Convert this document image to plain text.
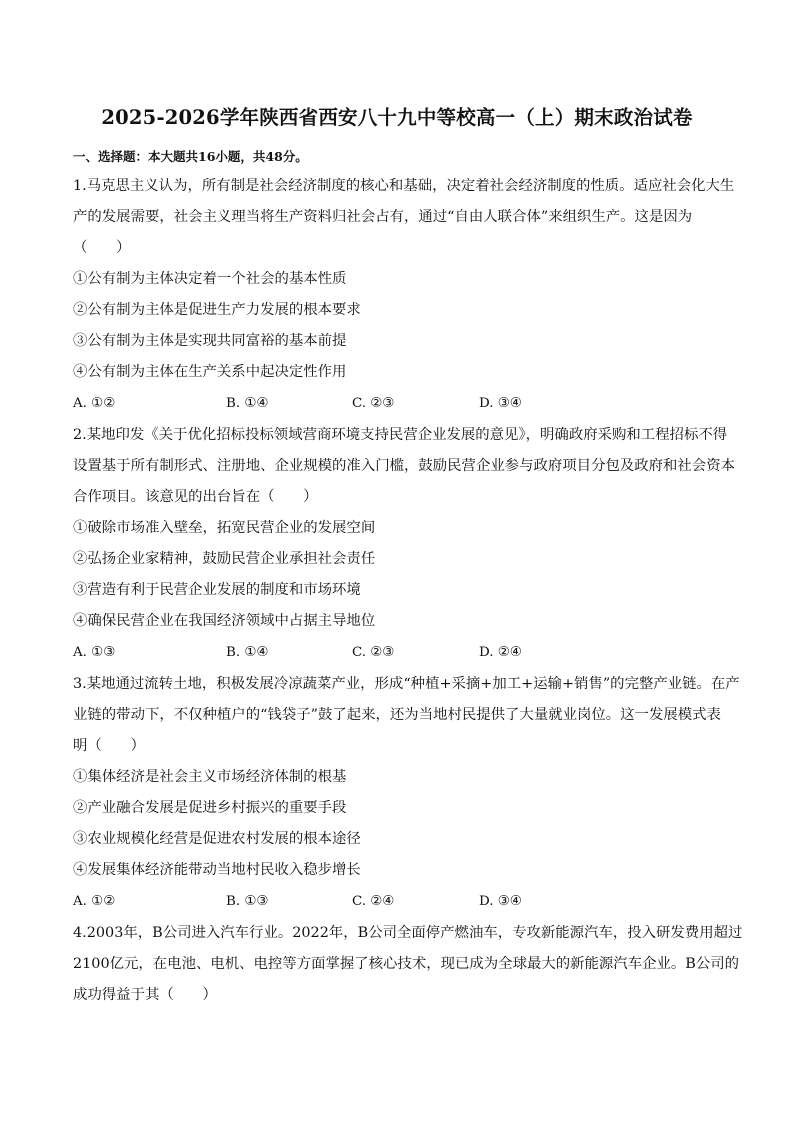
2025-2026学年陕西省西安八十九中等校高一（上）期末政治试卷
一、选择题：本大题共16小题，共48分。
1.马克思主义认为，所有制是社会经济制度的核心和基础，决定着社会经济制度的性质。适应社会化大生
产的发展需要，社会主义理当将生产资料归社会占有，通过“自由人联合体”来组织生产。这是因为
（　　）
①公有制为主体决定着一个社会的基本性质
②公有制为主体是促进生产力发展的根本要求
③公有制为主体是实现共同富裕的基本前提
④公有制为主体在生产关系中起决定性作用
A. ①②	B. ①④	C. ②③	D. ③④
2.某地印发《关于优化招标投标领域营商环境支持民营企业发展的意见》，明确政府采购和工程招标不得
设置基于所有制形式、注册地、企业规模的准入门槛，鼓励民营企业参与政府项目分包及政府和社会资本
合作项目。该意见的出台旨在（　　）
①破除市场准入壁垒，拓宽民营企业的发展空间
②弘扬企业家精神，鼓励民营企业承担社会责任
③营造有利于民营企业发展的制度和市场环境
④确保民营企业在我国经济领域中占据主导地位
A. ①③	B. ①④	C. ②③	D. ②④
3.某地通过流转土地，积极发展冷凉蔬菜产业，形成“种植+采摘+加工+运输+销售”的完整产业链。在产
业链的带动下，不仅种植户的“钱袋子”鼓了起来，还为当地村民提供了大量就业岗位。这一发展模式表
明（　　）
①集体经济是社会主义市场经济体制的根基
②产业融合发展是促进乡村振兴的重要手段
③农业规模化经营是促进农村发展的根本途径
④发展集体经济能带动当地村民收入稳步增长
A. ①②	B. ①③	C. ②④	D. ③④
4.2003年，B公司进入汽车行业。2022年，B公司全面停产燃油车，专攻新能源汽车，投入研发费用超过
2100亿元，在电池、电机、电控等方面掌握了核心技术，现已成为全球最大的新能源汽车企业。B公司的
成功得益于其（　　）
